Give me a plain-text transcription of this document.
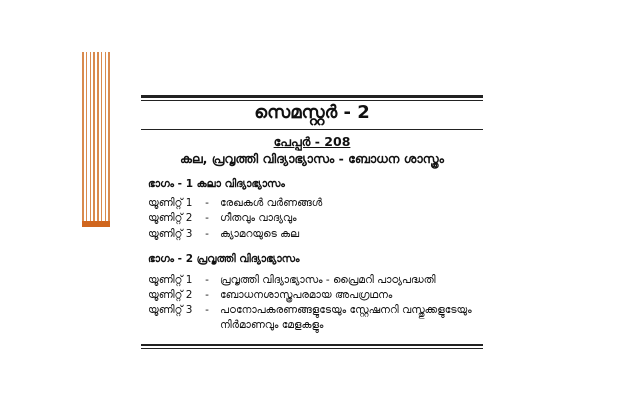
സെമസ്റ്റർ - 2
പേപ്പർ - 208
കല, പ്രവൃത്തി വിദ്യാഭ്യാസം - ബോധന ശാസ്ത്രം
ഭാഗം - 1 കലാ വിദ്യാഭ്യാസം
യൂണിറ്റ് 1	- രേഖകൾ വർണങ്ങൾ
യൂണിറ്റ് 2	- ഗീതവും വാദ്യവും
യൂണിറ്റ് 3	- ക്യാമറയുടെ കല
ഭാഗം - 2 പ്രവൃത്തി വിദ്യാഭ്യാസം
യൂണിറ്റ് 1	- പ്രവൃത്തി വിദ്യാഭ്യാസം - പ്രൈമറി പാഠ്യപദ്ധതി
യൂണിറ്റ് 2	- ബോധനശാസ്ത്രപരമായ അപഗ്രഥനം
യൂണിറ്റ് 3	- പഠനോപകരണങ്ങളുടേയും സ്റ്റേഷനറി വസ്തുക്കളുടേയും
നിർമാണവും മേളകളും
